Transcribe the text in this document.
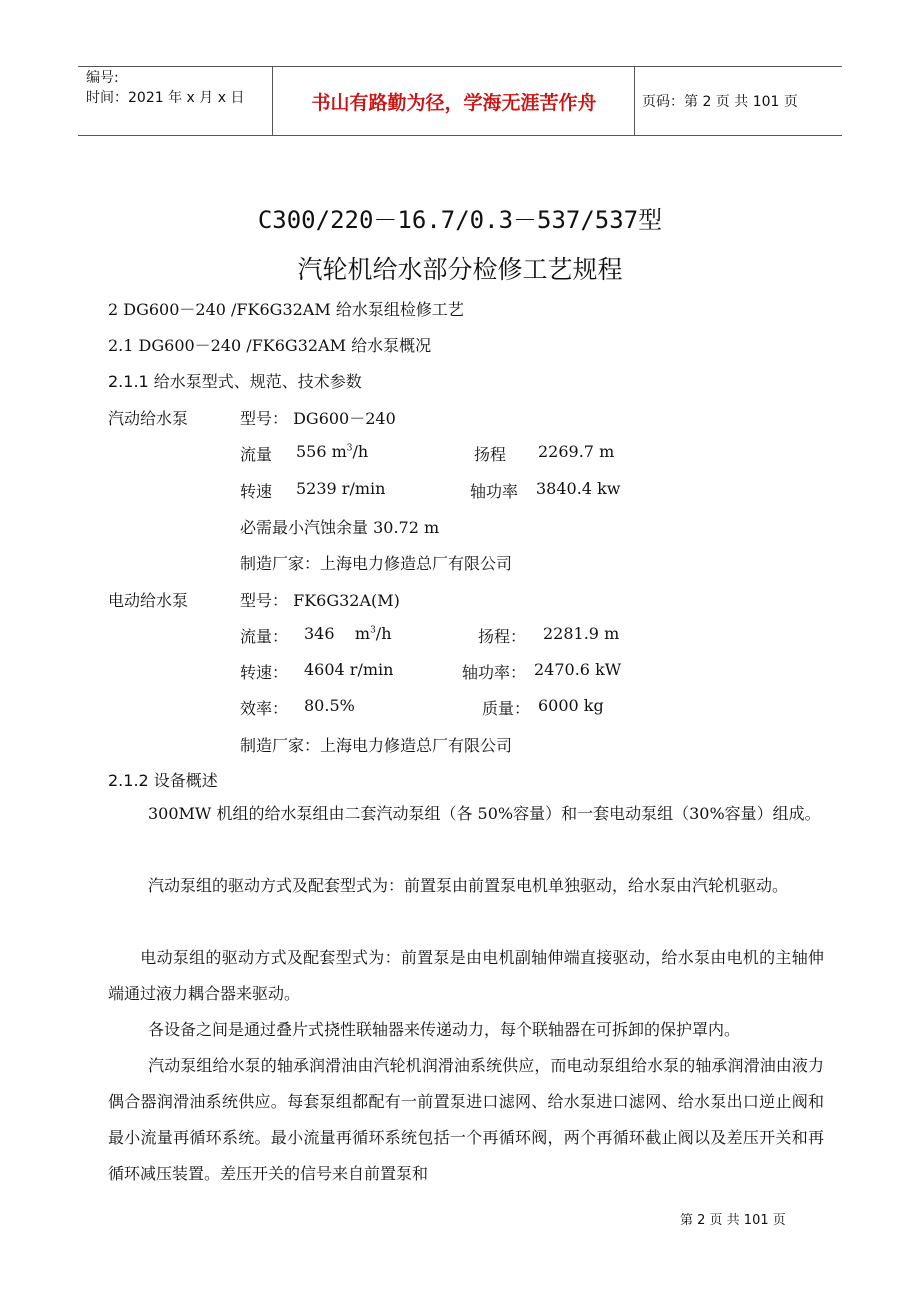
编号:
时间：2021 年 x 月 x 日	书山有路勤为径，学海无涯苦作舟	页码：第 2 页 共 101 页
C300/220－16.7/0.3－537/537型
汽轮机给水部分检修工艺规程
2 DG600－240 /FK6G32AM 给水泵组检修工艺
2.1 DG600－240 /FK6G32AM 给水泵概况
2.1.1 给水泵型式、规范、技术参数
汽动给水泵	型号： DG600－240
流量 556 $m^3/h$	扬程 2269.7 m
转速 5239 r/min	轴功率 3840.4 kw
必需最小汽蚀余量 30.72 m
制造厂家：上海电力修造总厂有限公司
电动给水泵	型号： FK6G32A(M)
流量： 346    $m^3/h$	扬程： 2281.9 m
转速： 4604 r/min	轴功率： 2470.6 kW
效率： 80.5%	质量： 6000 kg
制造厂家：上海电力修造总厂有限公司
2.1.2 设备概述
300MW 机组的给水泵组由二套汽动泵组（各 50%容量）和一套电动泵组（30%容量）组成。
汽动泵组的驱动方式及配套型式为：前置泵由前置泵电机单独驱动，给水泵由汽轮机驱动。
电动泵组的驱动方式及配套型式为：前置泵是由电机副轴伸端直接驱动，给水泵由电机的主轴伸端通过液力耦合器来驱动。
各设备之间是通过叠片式挠性联轴器来传递动力，每个联轴器在可拆卸的保护罩内。
汽动泵组给水泵的轴承润滑油由汽轮机润滑油系统供应，而电动泵组给水泵的轴承润滑油由液力偶合器润滑油系统供应。每套泵组都配有一前置泵进口滤网、给水泵进口滤网、给水泵出口逆止阀和最小流量再循环系统。最小流量再循环系统包括一个再循环阀，两个再循环截止阀以及差压开关和再循环减压装置。差压开关的信号来自前置泵和
第 2 页 共 101 页
